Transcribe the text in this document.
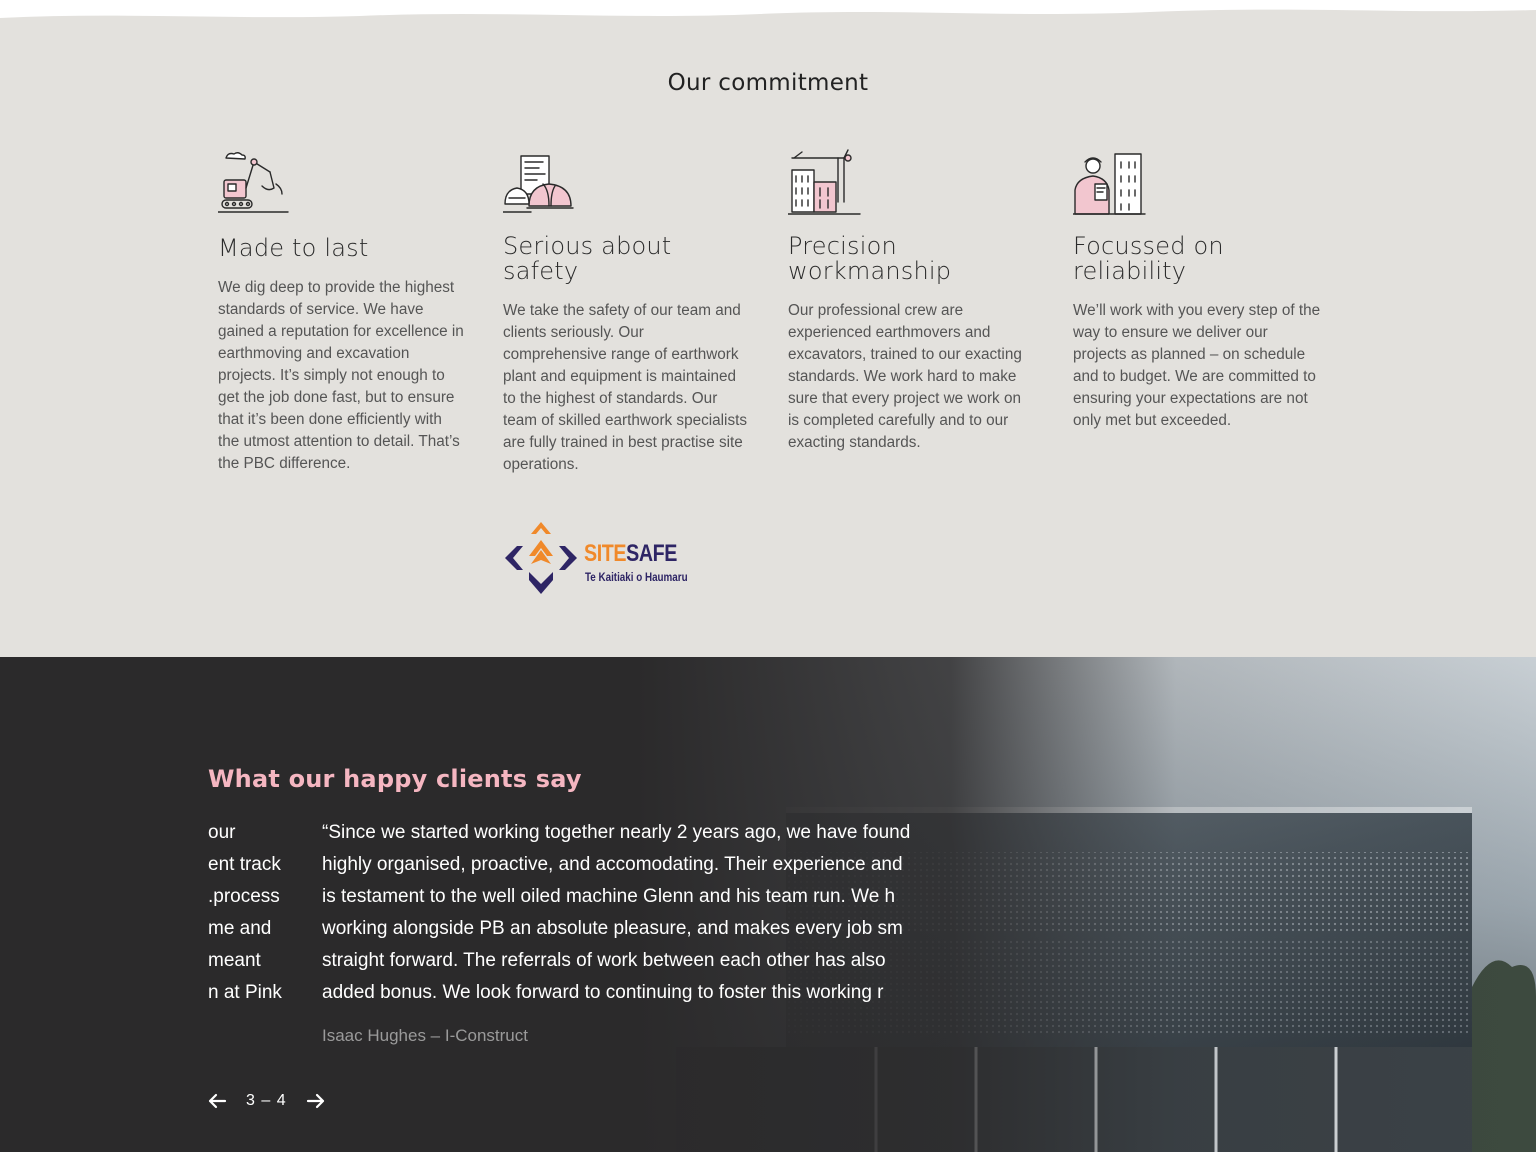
Our commitment
Made to last

We dig deep to provide the highest standards of service. We have gained a reputation for excellence in earthmoving and excavation projects. It’s simply not enough to get the job done fast, but to ensure that it’s been done efficiently with the utmost attention to detail. That’s the PBC difference.

Serious about safety

We take the safety of our team and clients seriously. Our comprehensive range of earthwork plant and equipment is maintained to the highest of standards. Our team of skilled earthwork specialists are fully trained in best practise site operations.

SITESAFE
Te Kaitiaki o Haumaru
Precision workmanship

Our professional crew are experienced earthmovers and excavators, trained to our exacting standards. We work hard to make sure that every project we work on is completed carefully and to our exacting standards.

Focussed on reliability

We’ll work with you every step of the way to ensure we deliver our projects as planned – on schedule and to budget. We are committed to ensuring your expectations are not only met but exceeded.

What our happy clients say
our
ent track
process.
me and
meant
n at Pink
“Since we started working together nearly 2 years ago, we have found
highly organised, proactive, and accomodating. Their experience and
is testament to the well oiled machine Glenn and his team run. We h
working alongside PB an absolute pleasure, and makes every job sm
straight forward. The referrals of work between each other has also
added bonus. We look forward to continuing to foster this working r
Isaac Hughes – I-Construct
3 – 4
